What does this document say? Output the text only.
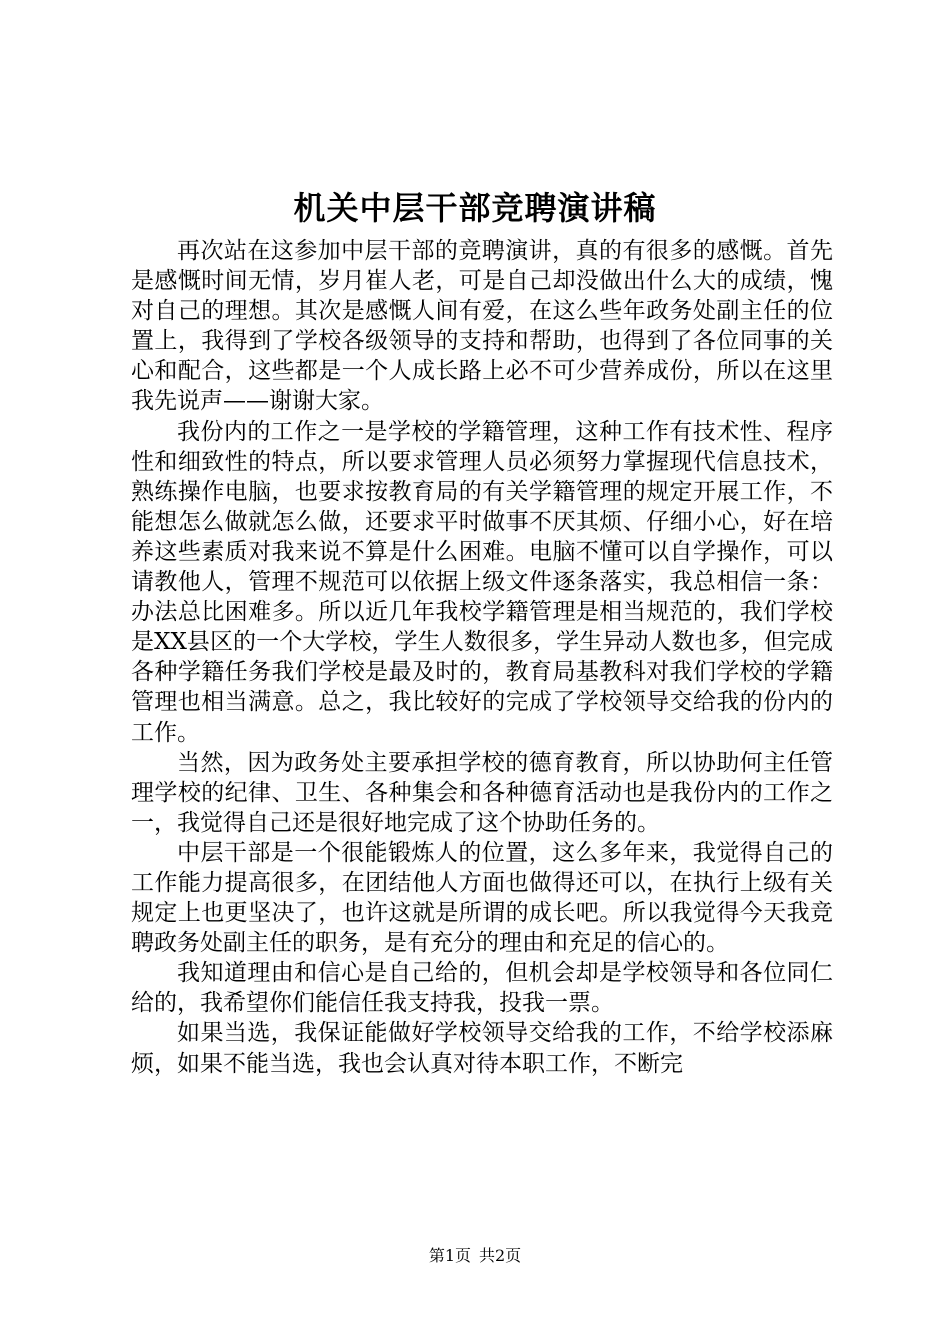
机关中层干部竞聘演讲稿

再次站在这参加中层干部的竞聘演讲，真的有很多的感慨。首先是感慨时间无情，岁月崔人老，可是自己却没做出什么大的成绩，愧对自己的理想。其次是感慨人间有爱，在这么些年政务处副主任的位置上，我得到了学校各级领导的支持和帮助，也得到了各位同事的关心和配合，这些都是一个人成长路上必不可少营养成份，所以在这里我先说声——谢谢大家。

我份内的工作之一是学校的学籍管理，这种工作有技术性、程序性和细致性的特点，所以要求管理人员必须努力掌握现代信息技术，熟练操作电脑，也要求按教育局的有关学籍管理的规定开展工作，不能想怎么做就怎么做，还要求平时做事不厌其烦、仔细小心，好在培养这些素质对我来说不算是什么困难。电脑不懂可以自学操作，可以请教他人，管理不规范可以依据上级文件逐条落实，我总相信一条：办法总比困难多。所以近几年我校学籍管理是相当规范的，我们学校是XX县区的一个大学校，学生人数很多，学生异动人数也多，但完成各种学籍任务我们学校是最及时的，教育局基教科对我们学校的学籍管理也相当满意。总之，我比较好的完成了学校领导交给我的份内的工作。

当然，因为政务处主要承担学校的德育教育，所以协助何主任管理学校的纪律、卫生、各种集会和各种德育活动也是我份内的工作之一，我觉得自己还是很好地完成了这个协助任务的。

中层干部是一个很能锻炼人的位置，这么多年来，我觉得自己的工作能力提高很多，在团结他人方面也做得还可以，在执行上级有关规定上也更坚决了，也许这就是所谓的成长吧。所以我觉得今天我竞聘政务处副主任的职务，是有充分的理由和充足的信心的。

我知道理由和信心是自己给的，但机会却是学校领导和各位同仁给的，我希望你们能信任我支持我，投我一票。

如果当选，我保证能做好学校领导交给我的工作，不给学校添麻烦，如果不能当选，我也会认真对待本职工作，不断完

第1页 共2页
